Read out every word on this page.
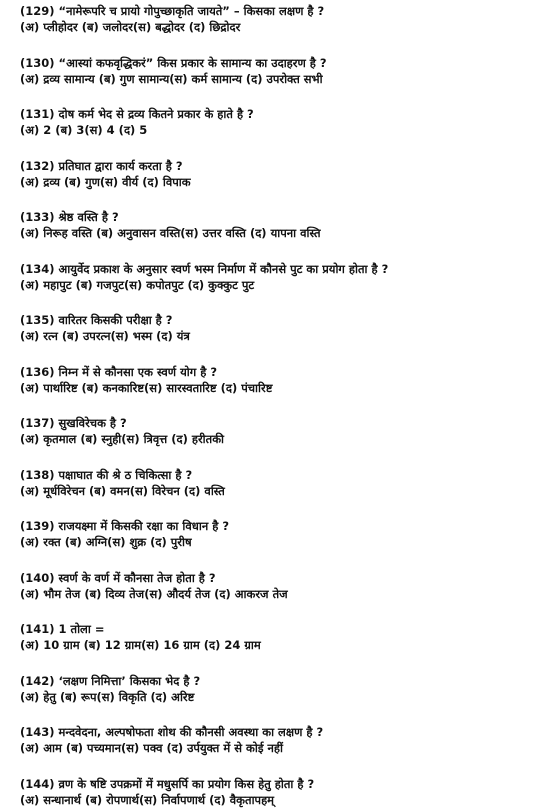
(129) “नामेरूपरि च प्रायो गोपुच्छाकृति जायते” – किसका लक्षण है ?
(अ) प्लीहोदर (ब) जलोदर(स) बद्धोदर (द) छिद्रोदर
(130) “आस्यां कफवृद्धिकरं” किस प्रकार के सामान्य का उदाहरण है ?
(अ) द्रव्य सामान्य (ब) गुण सामान्य(स) कर्म सामान्य (द) उपरोक्त सभी
(131) दोष कर्म भेद से द्रव्य कितने प्रकार के हाते है ?
(अ) 2 (ब) 3(स) 4 (द) 5
(132) प्रतिघात द्वारा कार्य करता है ?
(अ) द्रव्य (ब) गुण(स) वीर्य (द) विपाक
(133) श्रेष्ठ वस्ति है ?
(अ) निरूह वस्ति (ब) अनुवासन वस्ति(स) उत्तर वस्ति (द) यापना वस्ति
(134) आयुर्वेद प्रकाश के अनुसार स्वर्ण भस्म निर्माण में कौनसे पुट का प्रयोग होता है ?
(अ) महापुट (ब) गजपुट(स) कपोतपुट (द) कुक्कुट पुट
(135) वारितर किसकी परीक्षा है ?
(अ) रत्न (ब) उपरत्न(स) भस्म (द) यंत्र
(136) निम्न में से कौनसा एक स्वर्ण योग है ?
(अ) पार्थारिष्ट (ब) कनकारिष्ट(स) सारस्वतारिष्ट (द) पंचारिष्ट
(137) सुखविरेचक है ?
(अ) कृतमाल (ब) स्नुही(स) त्रिवृत्त (द) हरीतकी
(138) पक्षाघात की श्रे ठ चिकित्सा है ?
(अ) मूर्धविरेचन (ब) वमन(स) विरेचन (द) वस्ति
(139) राजयक्ष्मा में किसकी रक्षा का विधान है ?
(अ) रक्त (ब) अग्नि(स) शुक्र (द) पुरीष
(140) स्वर्ण के वर्ण में कौनसा तेज होता है ?
(अ) भौम तेज (ब) दिव्य तेज(स) औदर्य तेज (द) आकरज तेज
(141) 1 तोला =
(अ) 10 ग्राम (ब) 12 ग्राम(स) 16 ग्राम (द) 24 ग्राम
(142) ‘लक्षण निमित्ता’ किसका भेद है ?
(अ) हेतु (ब) रूप(स) विकृति (द) अरिष्ट
(143) मन्दवेदना, अल्पषोफता शोथ की कौनसी अवस्था का लक्षण है ?
(अ) आम (ब) पच्यमान(स) पक्व (द) उर्पयुक्त में से कोई नहीं
(144) व्रण के षष्टि उपक्रमों में मधुसर्पि का प्रयोग किस हेतु होता है ?
(अ) सन्धानार्थ (ब) रोपणार्थ(स) निर्वापणार्थ (द) वैकृतापहम्
